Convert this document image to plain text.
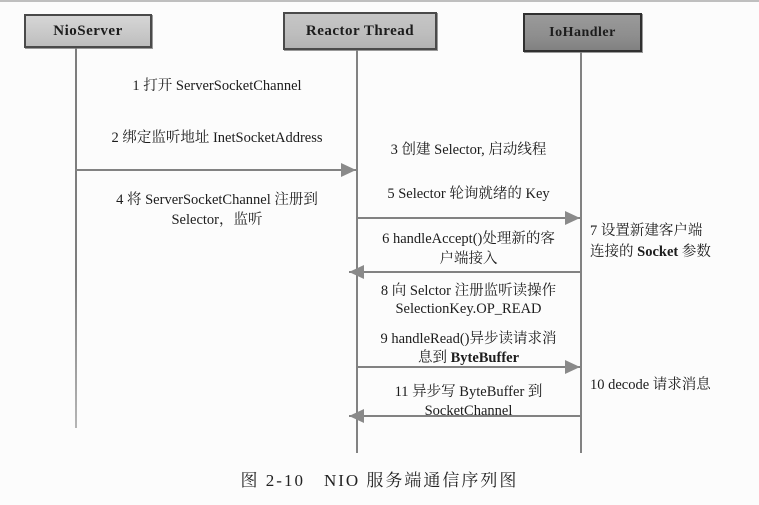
NioServer	Reactor Thread	IoHandler
1 打开 ServerSocketChannel
2 绑定监听地址 InetSocketAddress
4 将 ServerSocketChannel 注册到
Selector，监听
3 创建 Selector, 启动线程
5 Selector 轮询就绪的 Key
6 handleAccept()处理新的客
户端接入
8 向 Selctor 注册监听读操作
SelectionKey.OP_READ
9 handleRead()异步读请求消
息到 ByteBuffer
11 异步写 ByteBuffer 到
SocketChannel
7 设置新建客户端
连接的 Socket 参数
10 decode 请求消息
图 2-10　NIO 服务端通信序列图
